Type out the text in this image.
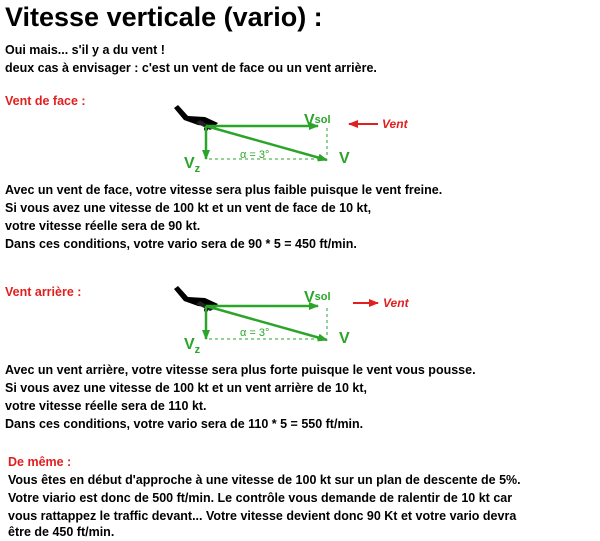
Vitesse verticale (vario) :
Oui mais... s'il y a du vent !
deux cas à envisager : c'est un vent de face ou un vent arrière.
Vent de face :
α = 3°
Vsol
V
$V_z$
Vent
Avec un vent de face, votre vitesse sera plus faible puisque le vent freine.
Si vous avez une vitesse de 100 kt et un vent de face de 10 kt,
votre vitesse réelle sera de 90 kt.
Dans ces conditions, votre vario sera de 90 * 5 = 450 ft/min.
Vent arrière :
α = 3°
Vsol
V
$V_z$
Vent
Avec un vent arrière, votre vitesse sera plus forte puisque le vent vous pousse.
Si vous avez une vitesse de 100 kt et un vent arrière de 10 kt,
votre vitesse réelle sera de 110 kt.
Dans ces conditions, votre vario sera de 110 * 5 = 550 ft/min.
De même :
Vous êtes en début d'approche à une vitesse de 100 kt sur un plan de descente de 5%.
Votre viario est donc de 500 ft/min. Le contrôle vous demande de ralentir de 10 kt car
vous rattappez le traffic devant... Votre vitesse devient donc 90 Kt et votre vario devra
être de 450 ft/min.
